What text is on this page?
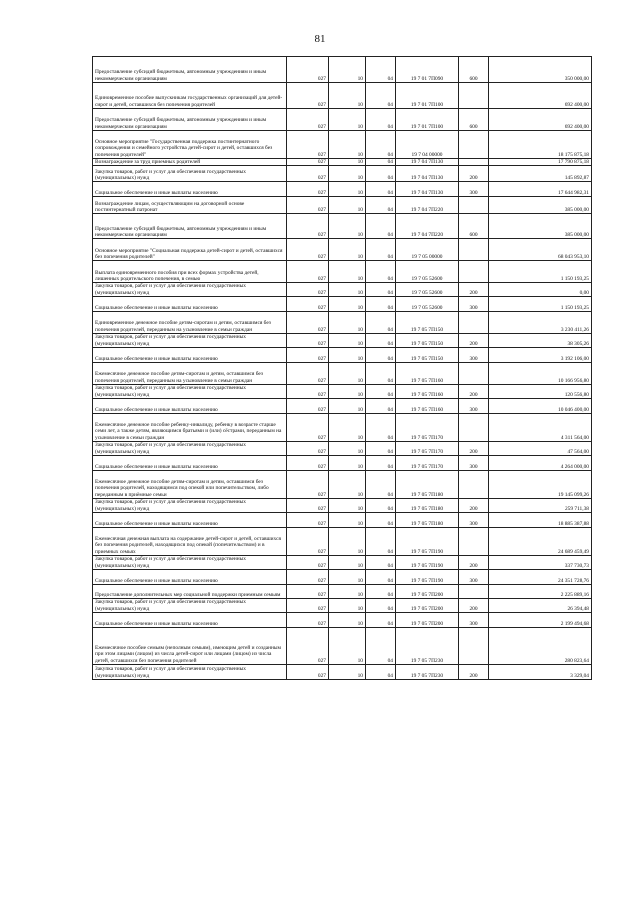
81
Предоставление субсидий бюджетным, автономным учреждениям и иным некоммерческим организациям	027	10	04	19 7 01 7П090	600	350 000,00
Единовременное пособие выпускникам государственных организаций для детей-сирот и детей, оставшихся без попечения родителей	027	10	04	19 7 01 7П100		692 400,00
Предоставление субсидий бюджетным, автономным учреждениям и иным некоммерческим организациям	027	10	04	19 7 01 7П100	600	692 400,00
Основное мероприятие "Государственная поддержка постинтернатного сопровождения и семейного устройства детей-сирот и детей, оставшихся без попечения родителей"	027	10	04	19 7 04 00000		18 175 875,18
Вознаграждение за труд приемных родителей	027	10	04	19 7 04 7П130		17 790 875,18
Закупка товаров, работ и услуг для обеспечения государственных (муниципальных) нужд	027	10	04	19 7 04 7П130	200	145 892,87
Социальное обеспечение и иные выплаты населению	027	10	04	19 7 04 7П130	300	17 644 982,31
Вознаграждение лицам, осуществляющим на договорной основе постинтернатный патронат	027	10	04	19 7 04 7П220		385 000,00
Предоставление субсидий бюджетным, автономным учреждениям и иным некоммерческим организациям	027	10	04	19 7 04 7П220	600	385 000,00
Основное мероприятие "Социальная поддержка детей-сирот и детей, оставшихся без попечения родителей"	027	10	04	19 7 05 00000		68 043 953,10
Выплата единовременного пособия при всех формах устройства детей, лишенных родительского попечения, в семью	027	10	04	19 7 05 52600		1 150 193,25
Закупка товаров, работ и услуг для обеспечения государственных (муниципальных) нужд	027	10	04	19 7 05 52600	200	0,00
Социальное обеспечение и иные выплаты населению	027	10	04	19 7 05 52600	300	1 150 193,25
Единовременное денежное пособие детям-сиротам и детям, оставшимся без попечения родителей, переданным на усыновление в семьи граждан	027	10	04	19 7 05 7П150		3 230 411,26
Закупка товаров, работ и услуг для обеспечения государственных (муниципальных) нужд	027	10	04	19 7 05 7П150	200	38 305,26
Социальное обеспечение и иные выплаты населению	027	10	04	19 7 05 7П150	300	3 192 106,00
Ежемесячное денежное пособие детям-сиротам и детям, оставшимся без попечения родителей, переданным на усыновление в семьи граждан	027	10	04	19 7 05 7П160		10 166 956,80
Закупка товаров, работ и услуг для обеспечения государственных (муниципальных) нужд	027	10	04	19 7 05 7П160	200	120 556,80
Социальное обеспечение и иные выплаты населению	027	10	04	19 7 05 7П160	300	10 046 400,00
Ежемесячное денежное пособие ребенку-инвалиду, ребенку в возрасте старше семи лет, а также детям, являющимся братьями и (или) сёстрами, переданным на усыновление в семьи граждан	027	10	04	19 7 05 7П170		4 311 564,00
Закупка товаров, работ и услуг для обеспечения государственных (муниципальных) нужд	027	10	04	19 7 05 7П170	200	47 564,00
Социальное обеспечение и иные выплаты населению	027	10	04	19 7 05 7П170	300	4 264 000,00
Ежемесячное денежное пособие детям-сиротам и детям, оставшимся без попечения родителей, находящимся под опекой или попечительством, либо переданным в приёмные семьи	027	10	04	19 7 05 7П180		19 145 099,26
Закупка товаров, работ и услуг для обеспечения государственных (муниципальных) нужд	027	10	04	19 7 05 7П180	200	259 711,38
Социальное обеспечение и иные выплаты населению	027	10	04	19 7 05 7П180	300	18 885 387,88
Ежемесячная денежная выплата на содержание детей-сирот и детей, оставшихся без попечения родителей, находящихся под опекой (попечительством) и в приемных семьях	027	10	04	19 7 05 7П190		24 689 459,49
Закупка товаров, работ и услуг для обеспечения государственных (муниципальных) нужд	027	10	04	19 7 05 7П190	200	337 730,73
Социальное обеспечение и иные выплаты населению	027	10	04	19 7 05 7П190	300	24 351 728,76
Предоставление дополнительных мер социальной поддержки приемным семьям	027	10	04	19 7 05 7П200		2 225 889,16
Закупка товаров, работ и услуг для обеспечения государственных (муниципальных) нужд	027	10	04	19 7 05 7П200	200	26 394,48
Социальное обеспечение и иные выплаты населению	027	10	04	19 7 05 7П200	300	2 199 494,68
Ежемесячное пособие семьям (неполным семьям), имеющим детей и созданным при этом лицами (лицом) из числа детей-сирот или лицами (лицом) из числа детей, оставшихся без попечения родителей	027	10	04	19 7 05 7П230		280 823,64
Закупка товаров, работ и услуг для обеспечения государственных (муниципальных) нужд	027	10	04	19 7 05 7П230	200	3 329,04
